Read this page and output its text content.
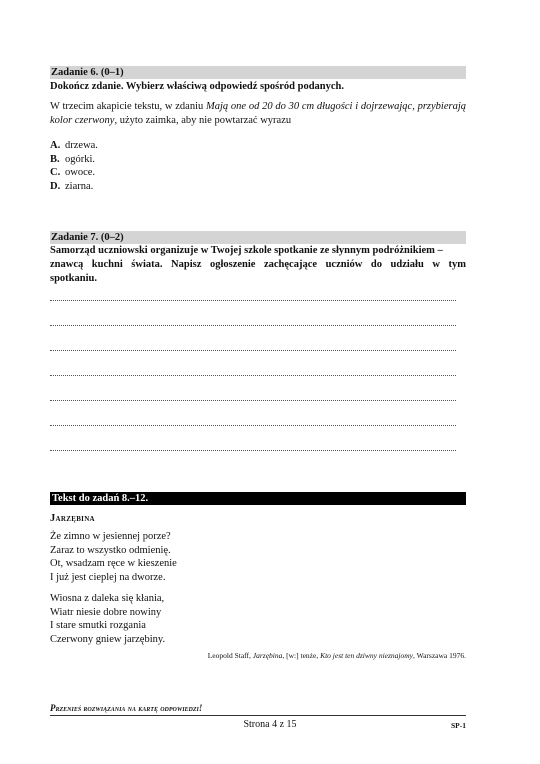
Zadanie 6. (0–1)
Dokończ zdanie. Wybierz właściwą odpowiedź spośród podanych.
W trzecim akapicie tekstu, w zdaniu Mają one od 20 do 30 cm długości i dojrzewając, przybierają kolor czerwony, użyto zaimka, aby nie powtarzać wyrazu
A. drzewa.
B. ogórki.
C. owoce.
D. ziarna.
Zadanie 7. (0–2)
Samorząd uczniowski organizuje w Twojej szkole spotkanie ze słynnym podróżnikiem –
znawcą kuchni świata. Napisz ogłoszenie zachęcające uczniów do udziału w tym
spotkaniu.
Tekst do zadań 8.–12.
Jarzębina
Że zimno w jesiennej porze?
Zaraz to wszystko odmienię.
Ot, wsadzam ręce w kieszenie
I już jest cieplej na dworze.
Wiosna z daleka się kłania,
Wiatr niesie dobre nowiny
I stare smutki rozgania
Czerwony gniew jarzębiny.
Leopold Staff, Jarzębina, [w:] tenże, Kto jest ten dziwny nieznajomy, Warszawa 1976.
Przenieś rozwiązania na kartę odpowiedzi!
Strona 4 z 15	SP-1
